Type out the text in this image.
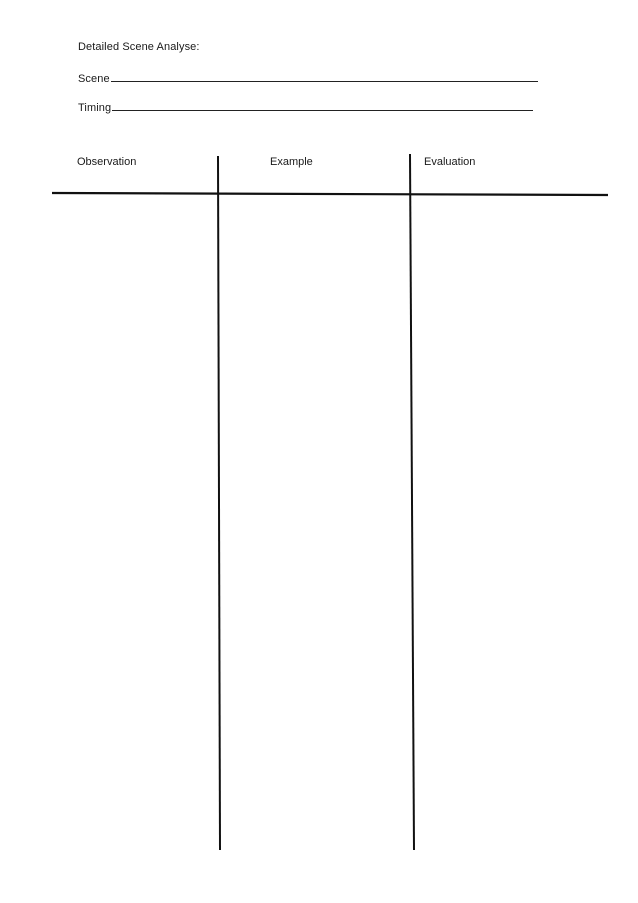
Detailed Scene Analyse:
Scene
Timing
Observation	Example	Evaluation
